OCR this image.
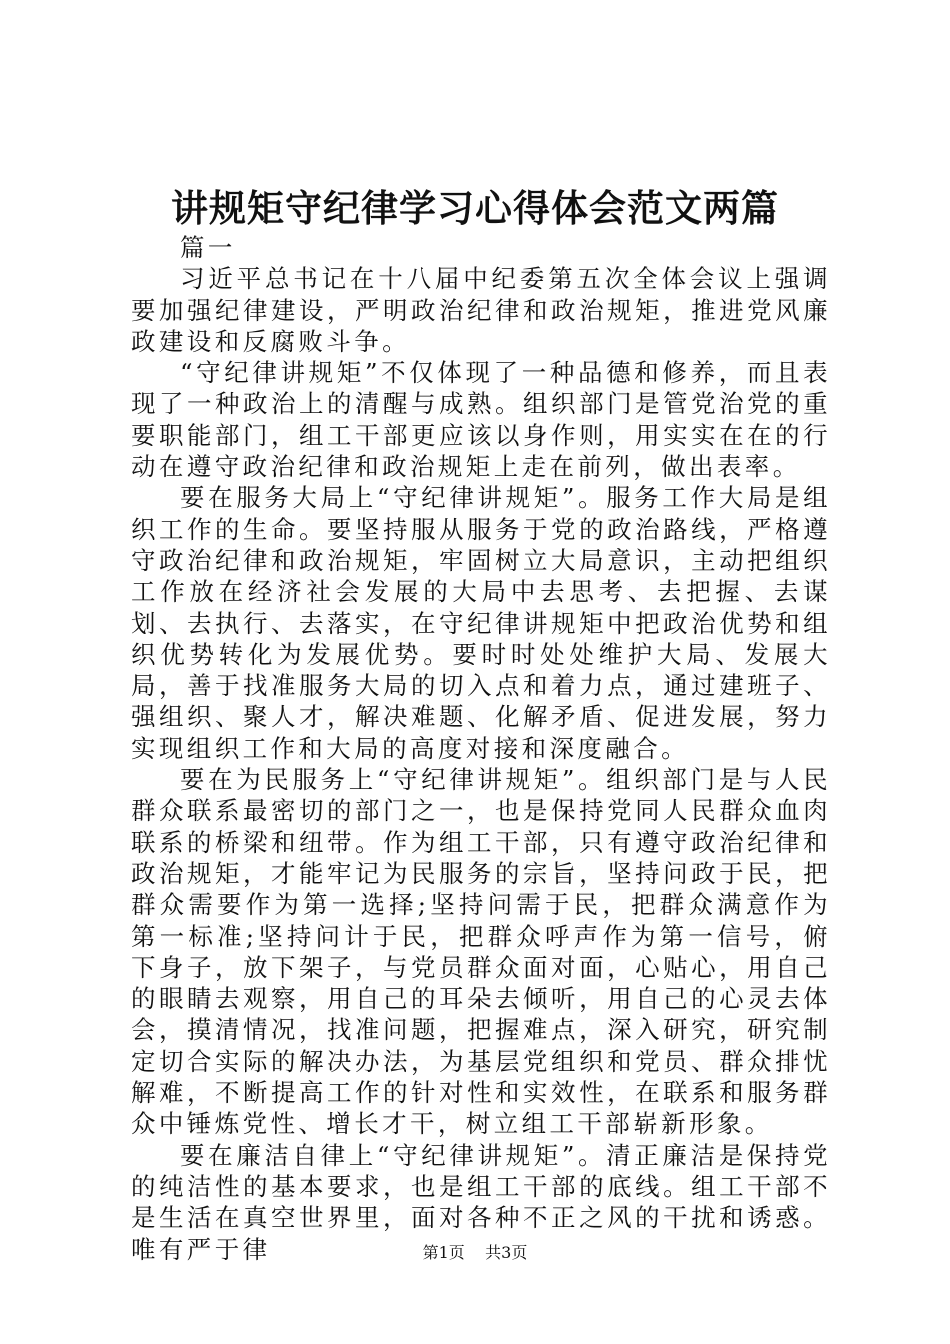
讲规矩守纪律学习心得体会范文两篇

篇一

习近平总书记在十八届中纪委第五次全体会议上强调要加强纪律建设，严明政治纪律和政治规矩，推进党风廉政建设和反腐败斗争。

“守纪律讲规矩”不仅体现了一种品德和修养，而且表现了一种政治上的清醒与成熟。组织部门是管党治党的重要职能部门，组工干部更应该以身作则，用实实在在的行动在遵守政治纪律和政治规矩上走在前列，做出表率。

要在服务大局上“守纪律讲规矩”。服务工作大局是组织工作的生命。要坚持服从服务于党的政治路线，严格遵守政治纪律和政治规矩，牢固树立大局意识，主动把组织工作放在经济社会发展的大局中去思考、去把握、去谋划、去执行、去落实，在守纪律讲规矩中把政治优势和组织优势转化为发展优势。要时时处处维护大局、发展大局，善于找准服务大局的切入点和着力点，通过建班子、强组织、聚人才，解决难题、化解矛盾、促进发展，努力实现组织工作和大局的高度对接和深度融合。

要在为民服务上“守纪律讲规矩”。组织部门是与人民群众联系最密切的部门之一，也是保持党同人民群众血肉联系的桥梁和纽带。作为组工干部，只有遵守政治纪律和政治规矩，才能牢记为民服务的宗旨，坚持问政于民，把群众需要作为第一选择;坚持问需于民，把群众满意作为第一标准;坚持问计于民，把群众呼声作为第一信号，俯下身子，放下架子，与党员群众面对面，心贴心，用自己的眼睛去观察，用自己的耳朵去倾听，用自己的心灵去体会，摸清情况，找准问题，把握难点，深入研究，研究制定切合实际的解决办法，为基层党组织和党员、群众排忧解难，不断提高工作的针对性和实效性，在联系和服务群众中锤炼党性、增长才干，树立组工干部崭新形象。

要在廉洁自律上“守纪律讲规矩”。清正廉洁是保持党的纯洁性的基本要求，也是组工干部的底线。组工干部不是生活在真空世界里，面对各种不正之风的干扰和诱惑。唯有严于律	第1页 共3页
